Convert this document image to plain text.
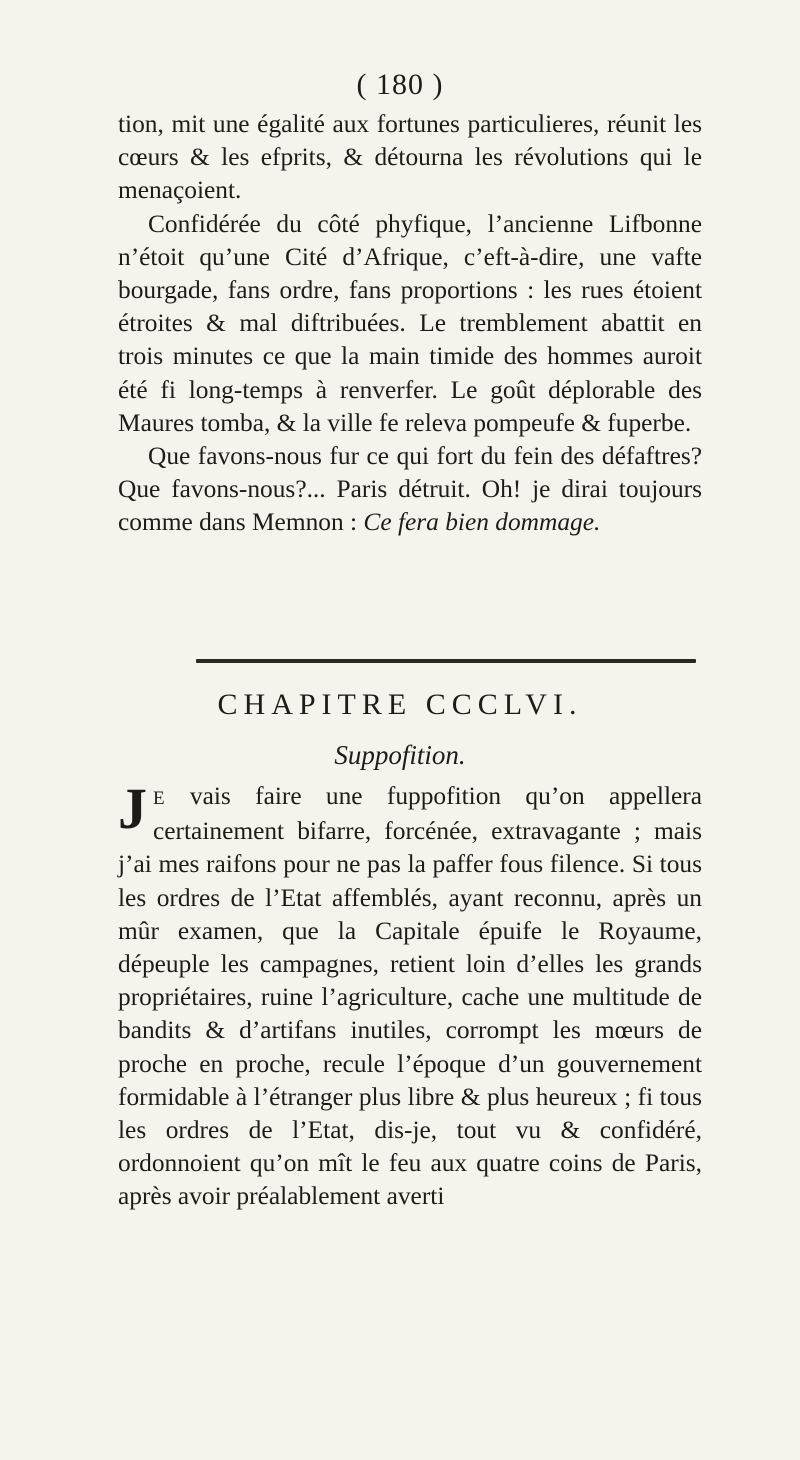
( 180 )

tion, mit une égalité aux fortunes particulieres, réunit les cœurs & les efprits, & détourna les révolutions qui le menaçoient.

Confidérée du côté phyfique, l’ancienne Lifbonne n’étoit qu’une Cité d’Afrique, c’eft-à-dire, une vafte bourgade, fans ordre, fans proportions : les rues étoient étroites & mal diftribuées. Le tremblement abattit en trois minutes ce que la main timide des hommes auroit été fi long-temps à renverfer. Le goût déplorable des Maures tomba, & la ville fe releva pompeufe & fuperbe.

Que favons-nous fur ce qui fort du fein des défaftres? Que favons-nous?... Paris détruit. Oh! je dirai toujours comme dans Memnon : Ce fera bien dommage.

CHAPITRE CCCLVI.
Suppofition.

J E vais faire une fuppofition qu’on appellera certainement bifarre, forcénée, extravagante ; mais j’ai mes raifons pour ne pas la paffer fous filence. Si tous les ordres de l’Etat affemblés, ayant reconnu, après un mûr examen, que la Capitale épuife le Royaume, dépeuple les campagnes, retient loin d’elles les grands propriétaires, ruine l’agriculture, cache une multitude de bandits & d’artifans inutiles, corrompt les mœurs de proche en proche, recule l’époque d’un gouvernement formidable à l’étranger plus libre & plus heureux ; fi tous les ordres de l’Etat, dis-je, tout vu & confidéré, ordonnoient qu’on mît le feu aux quatre coins de Paris, après avoir préalablement averti
